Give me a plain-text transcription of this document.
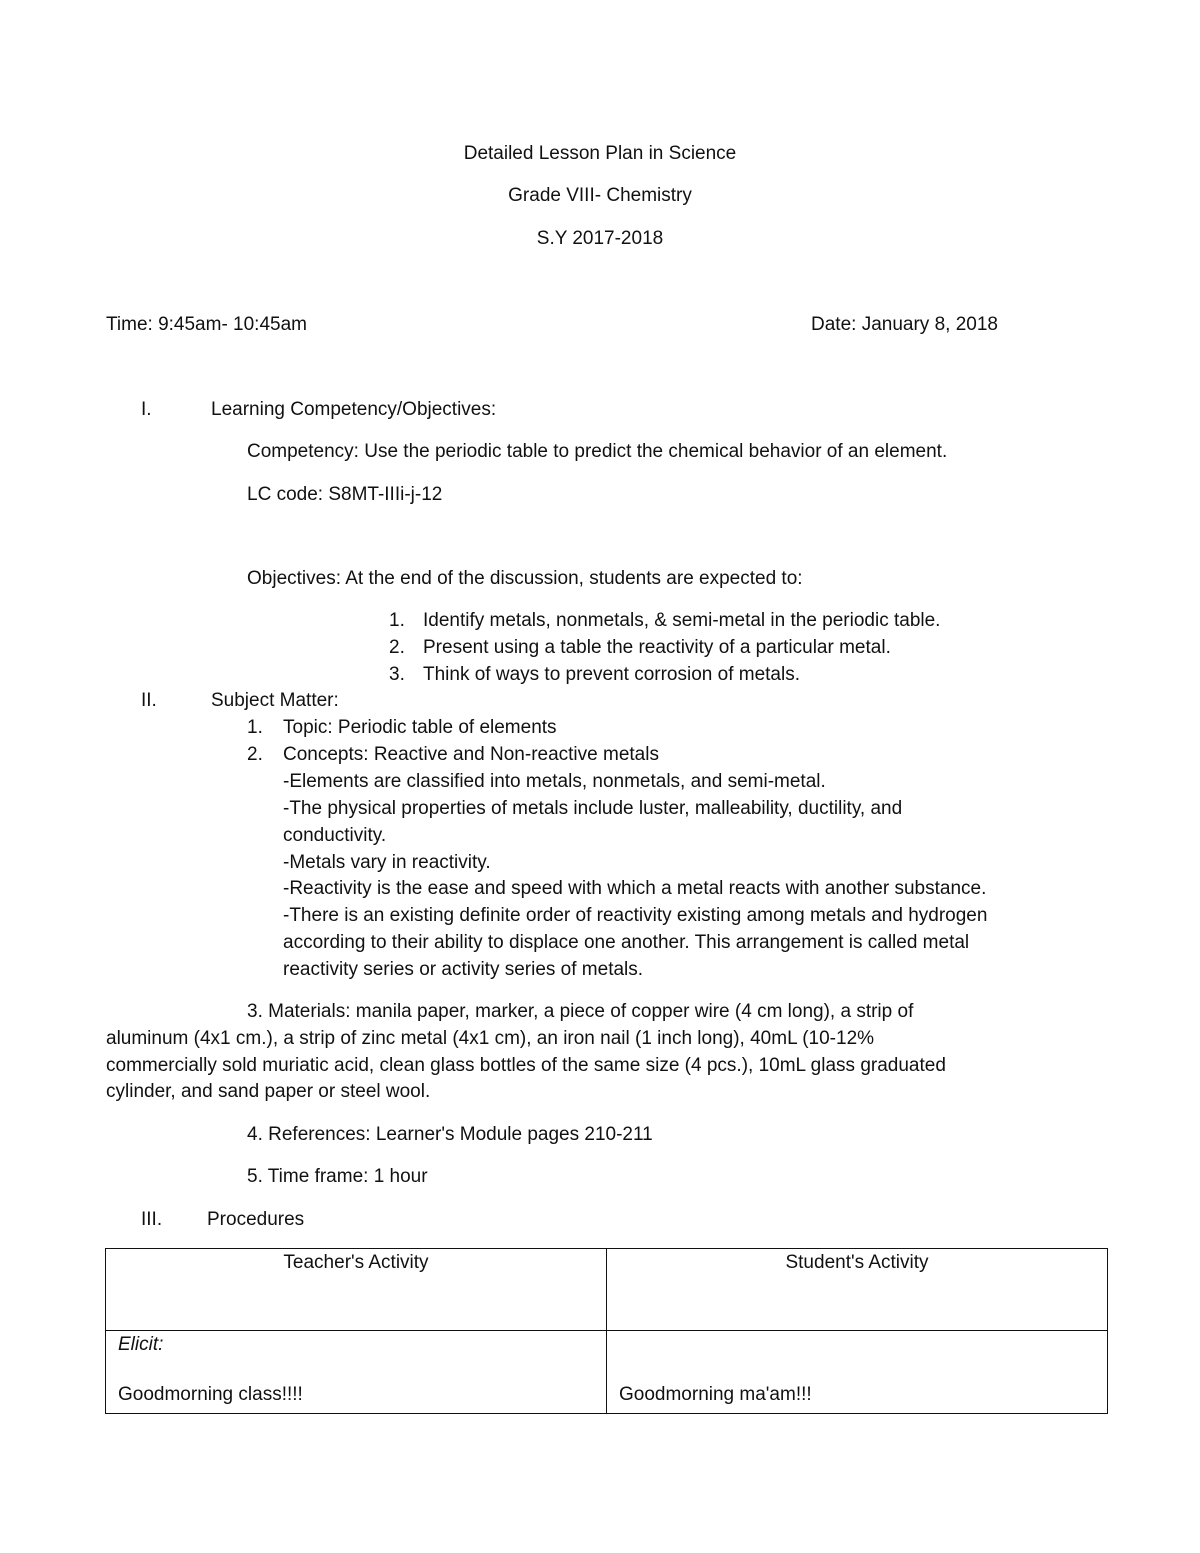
Detailed Lesson Plan in Science
Grade VIII- Chemistry
S.Y 2017-2018
Time: 9:45am- 10:45am	Date: January 8, 2018
I.	Learning Competency/Objectives:
Competency: Use the periodic table to predict the chemical behavior of an element.
LC code: S8MT-IIIi-j-12
Objectives: At the end of the discussion, students are expected to:
1. Identify metals, nonmetals, & semi-metal in the periodic table.
2. Present using a table the reactivity of a particular metal.
3. Think of ways to prevent corrosion of metals.
II.	Subject Matter:
1. Topic: Periodic table of elements
2. Concepts: Reactive and Non-reactive metals
-Elements are classified into metals, nonmetals, and semi-metal.
-The physical properties of metals include luster, malleability, ductility, and
conductivity.
-Metals vary in reactivity.
-Reactivity is the ease and speed with which a metal reacts with another substance.
-There is an existing definite order of reactivity existing among metals and hydrogen
according to their ability to displace one another. This arrangement is called metal
reactivity series or activity series of metals.
3. Materials: manila paper, marker, a piece of copper wire (4 cm long), a strip of
aluminum (4x1 cm.), a strip of zinc metal (4x1 cm), an iron nail (1 inch long), 40mL (10-12%
commercially sold muriatic acid, clean glass bottles of the same size (4 pcs.), 10mL glass graduated
cylinder, and sand paper or steel wool.
4. References: Learner's Module pages 210-211
5. Time frame: 1 hour
III. Procedures
Teacher's Activity	Student's Activity

Elicit:
Goodmorning class!!!!	Goodmorning ma'am!!!
